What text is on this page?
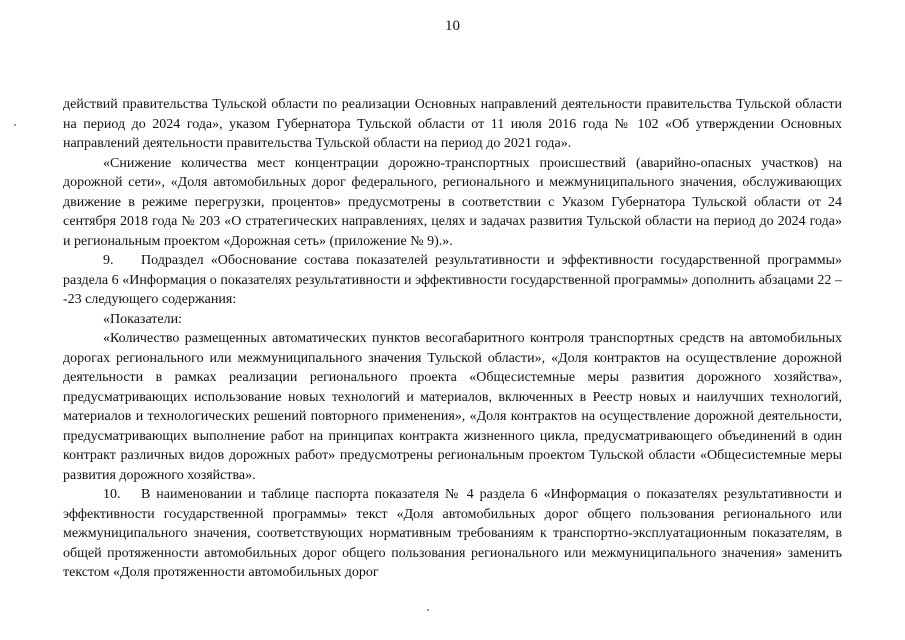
10

действий правительства Тульской области по реализации Основных направлений деятельности правительства Тульской области на период до 2024 года», указом Губернатора Тульской области от 11 июля 2016 года № 102 «Об утверждении Основных направлений деятельности правительства Тульской области на период до 2021 года».

«Снижение количества мест концентрации дорожно-транспортных происшествий (аварийно-опасных участков) на дорожной сети», «Доля автомобильных дорог федерального, регионального и межмуниципального значения, обслуживающих движение в режиме перегрузки, процентов» предусмотрены в соответствии с Указом Губернатора Тульской области от 24 сентября 2018 года № 203 «О стратегических направлениях, целях и задачах развития Тульской области на период до 2024 года» и региональным проектом «Дорожная сеть» (приложение № 9).».

9. Подраздел «Обоснование состава показателей результативности и эффективности государственной программы» раздела 6 «Информация о показателях результативности и эффективности государственной программы» дополнить абзацами 22 – -23 следующего содержания:

«Показатели:

«Количество размещенных автоматических пунктов весогабаритного контроля транспортных средств на автомобильных дорогах регионального или межмуниципального значения Тульской области», «Доля контрактов на осуществление дорожной деятельности в рамках реализации регионального проекта «Общесистемные меры развития дорожного хозяйства», предусматривающих использование новых технологий и материалов, включенных в Реестр новых и наилучших технологий, материалов и технологических решений повторного применения», «Доля контрактов на осуществление дорожной деятельности, предусматривающих выполнение работ на принципах контракта жизненного цикла, предусматривающего объединений в один контракт различных видов дорожных работ» предусмотрены региональным проектом Тульской области «Общесистемные меры развития дорожного хозяйства».

10. В наименовании и таблице паспорта показателя № 4 раздела 6 «Информация о показателях результативности и эффективности государственной программы» текст «Доля автомобильных дорог общего пользования регионального или межмуниципального значения, соответствующих нормативным требованиям к транспортно-эксплуатационным показателям, в общей протяженности автомобильных дорог общего пользования регионального или межмуниципального значения» заменить текстом «Доля протяженности автомобильных дорог
